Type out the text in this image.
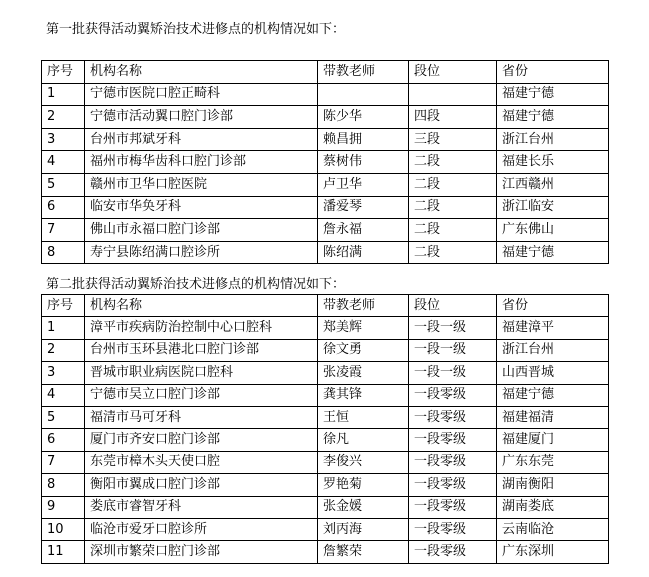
第一批获得活动翼矫治技术进修点的机构情况如下：
序号	机构名称	带教老师	段位	省份
1	宁德市医院口腔正畸科			福建宁德
2	宁德市活动翼口腔门诊部	陈少华	四段	福建宁德
3	台州市邦斌牙科	赖昌拥	三段	浙江台州
4	福州市梅华齿科口腔门诊部	蔡树伟	二段	福建长乐
5	赣州市卫华口腔医院	卢卫华	二段	江西赣州
6	临安市华奂牙科	潘爱琴	二段	浙江临安
7	佛山市永福口腔门诊部	詹永福	二段	广东佛山
8	寿宁县陈绍满口腔诊所	陈绍满	二段	福建宁德
第二批获得活动翼矫治技术进修点的机构情况如下：
序号	机构名称	带教老师	段位	省份
1	漳平市疾病防治控制中心口腔科	郑美辉	一段一级	福建漳平
2	台州市玉环县港北口腔门诊部	徐文勇	一段一级	浙江台州
3	晋城市职业病医院口腔科	张凌霞	一段一级	山西晋城
4	宁德市吴立口腔门诊部	龚其锋	一段零级	福建宁德
5	福清市马可牙科	王恒	一段零级	福建福清
6	厦门市齐安口腔门诊部	徐凡	一段零级	福建厦门
7	东莞市樟木头天使口腔	李俊兴	一段零级	广东东莞
8	衡阳市翼成口腔门诊部	罗艳菊	一段零级	湖南衡阳
9	娄底市睿智牙科	张金媛	一段零级	湖南娄底
10	临沧市爱牙口腔诊所	刘丙海	一段零级	云南临沧
11	深圳市繁荣口腔门诊部	詹繁荣	一段零级	广东深圳
